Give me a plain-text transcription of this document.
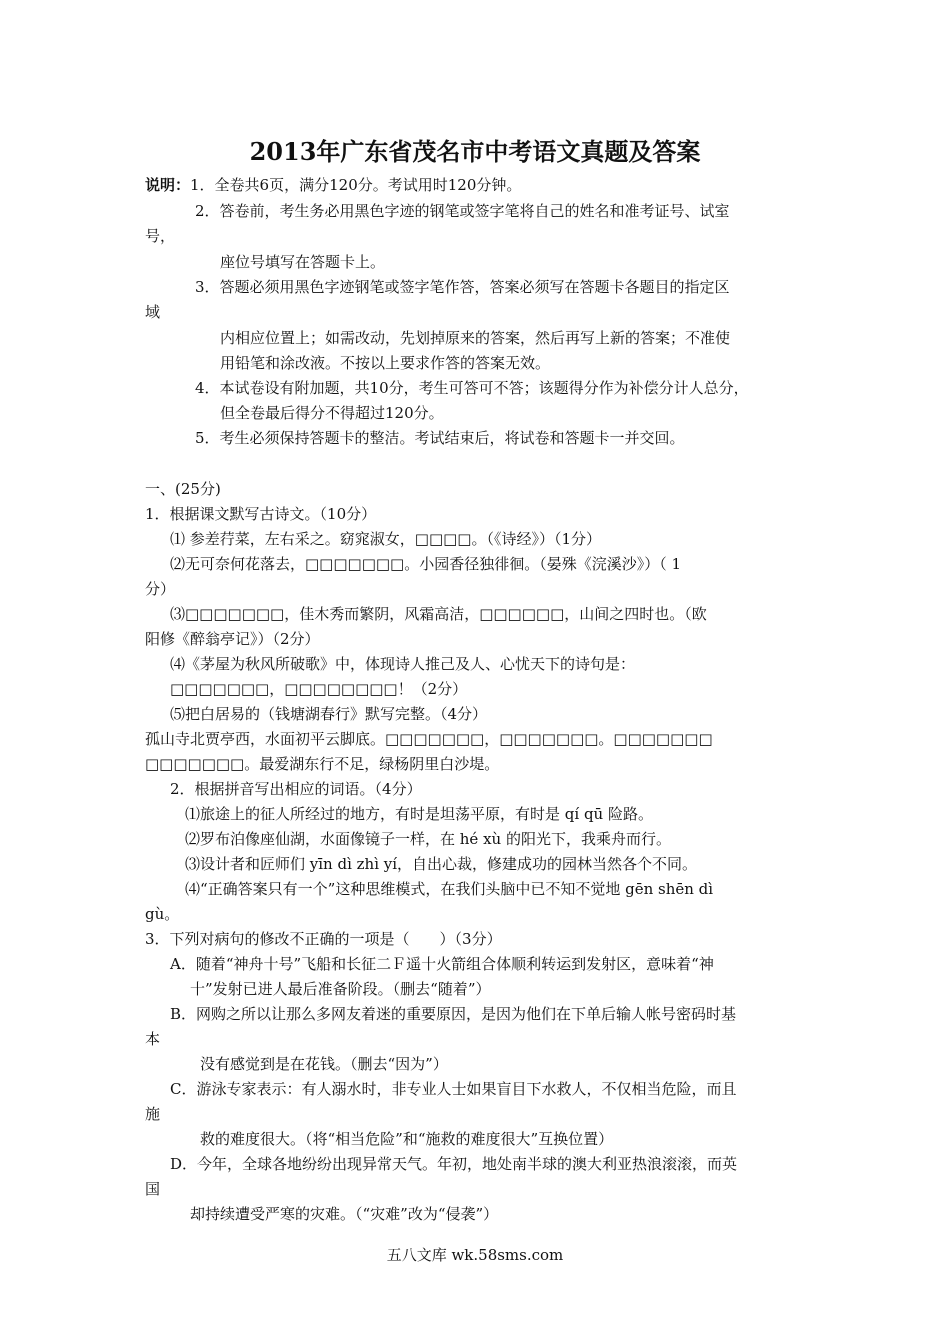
2013年广东省茂名市中考语文真题及答案
说明：1．全卷共6页，满分120分。考试用时120分钟。
2．答卷前，考生务必用黑色字迹的钢笔或签字笔将自己的姓名和准考证号、试室
号，
座位号填写在答题卡上。
3．答题必须用黑色字迹钢笔或签字笔作答，答案必须写在答题卡各题目的指定区
域
内相应位置上；如需改动，先划掉原来的答案，然后再写上新的答案；不准使
用铅笔和涂改液。不按以上要求作答的答案无效。
4．本试卷设有附加题，共10分，考生可答可不答；该题得分作为补偿分计人总分，
但全卷最后得分不得超过120分。
5．考生必须保持答题卡的整洁。考试结束后，将试卷和答题卡一并交回。
一、(25分)
1．根据课文默写古诗文。（10分）
⑴ 参差荇菜，左右采之。窈窕淑女，□□□□。（《诗经》）（1分）
⑵无可奈何花落去，□□□□□□□。小园香径独徘徊。（晏殊《浣溪沙》）（ 1
分）
⑶□□□□□□□，佳木秀而繁阴，风霜高洁，□□□□□□，山间之四时也。（欧
阳修《醉翁亭记》）（2分）
⑷《茅屋为秋风所破歌》中，体现诗人推己及人、心忧天下的诗句是：
□□□□□□□，□□□□□□□□！（2分）
⑸把白居易的（钱塘湖春行》默写完整。（4分）
孤山寺北贾亭西，水面初平云脚底。□□□□□□□，□□□□□□□。□□□□□□□
□□□□□□□。最爱湖东行不足，绿杨阴里白沙堤。
2．根据拼音写出相应的词语。（4分）
⑴旅途上的征人所经过的地方，有时是坦荡平原，有时是 qí qū 险路。
⑵罗布泊像座仙湖，水面像镜子一样，在 hé xù 的阳光下，我乘舟而行。
⑶设计者和匠师们 yīn dì zhì yí，自出心裁，修建成功的园林当然各个不同。
⑷“正确答案只有一个”这种思维模式，在我们头脑中已不知不觉地 gēn shēn dì
gù。
3．下列对病句的修改不正确的一项是（　　）（3分）
A．随着“神舟十号”飞船和长征二Ｆ遥十火箭组合体顺利转运到发射区，意味着“神
十”发射已进人最后准备阶段。（删去“随着”）
B．网购之所以让那么多网友着迷的重要原因，是因为他们在下单后输人帐号密码时基
本
没有感觉到是在花钱。（删去“因为”）
C．游泳专家表示：有人溺水时，非专业人士如果盲目下水救人，不仅相当危险，而且
施
救的难度很大。（将“相当危险”和“施救的难度很大”互换位置）
D．今年，全球各地纷纷出现异常天气。年初，地处南半球的澳大利亚热浪滚滚，而英
国
却持续遭受严寒的灾难。（“灾难”改为“侵袭”）
五八文库 wk.58sms.com
